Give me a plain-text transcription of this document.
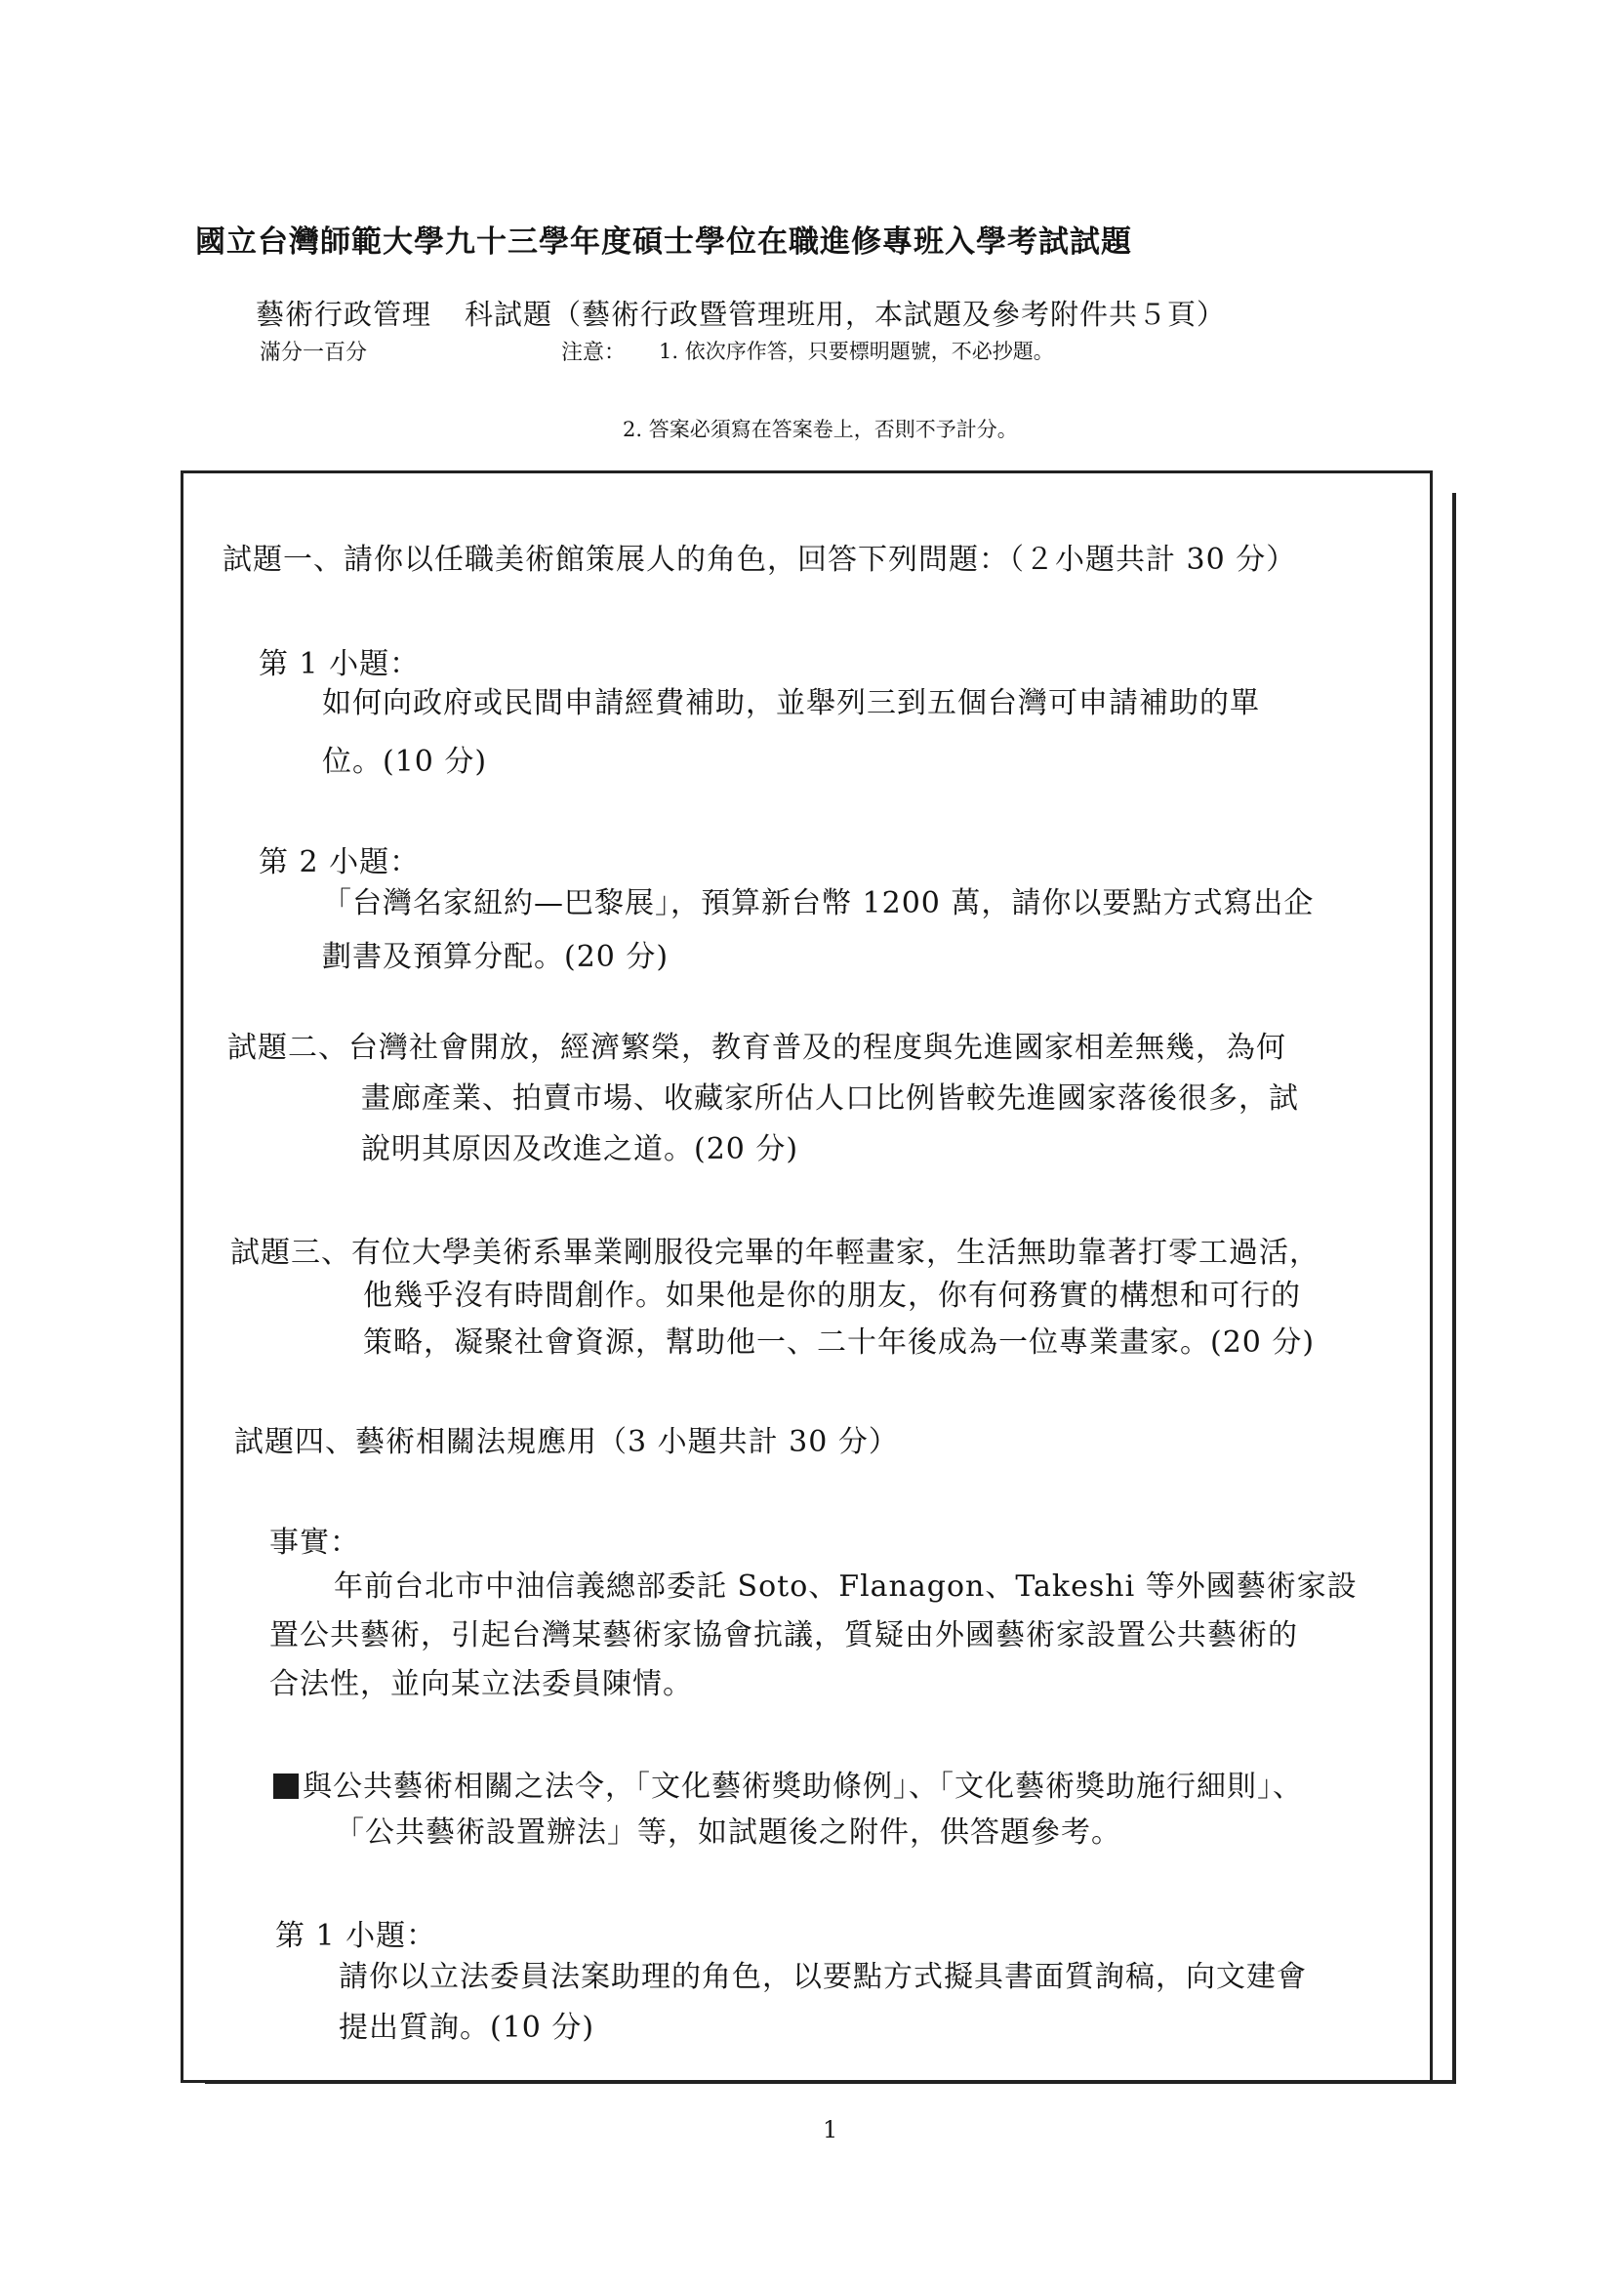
國立台灣師範大學九十三學年度碩士學位在職進修專班入學考試試題
藝術行政管理 科試題（藝術行政暨管理班用，本試題及參考附件共５頁）
滿分一百分	注意： 1. 依次序作答，只要標明題號，不必抄題。
2. 答案必須寫在答案卷上，否則不予計分。
試題一、請你以任職美術館策展人的角色，回答下列問題：（２小題共計 30 分）
第 1 小題：
如何向政府或民間申請經費補助，並舉列三到五個台灣可申請補助的單
位。(10 分)
第 2 小題：
「台灣名家紐約—巴黎展」，預算新台幣 1200 萬，請你以要點方式寫出企
劃書及預算分配。(20 分)
試題二、台灣社會開放，經濟繁榮，教育普及的程度與先進國家相差無幾，為何
畫廊產業、拍賣市場、收藏家所佔人口比例皆較先進國家落後很多，試
說明其原因及改進之道。(20 分)
試題三、有位大學美術系畢業剛服役完畢的年輕畫家，生活無助靠著打零工過活，
他幾乎沒有時間創作。如果他是你的朋友，你有何務實的構想和可行的
策略，凝聚社會資源，幫助他一、二十年後成為一位專業畫家。(20 分)
試題四、藝術相關法規應用（3 小題共計 30 分）
事實：
年前台北市中油信義總部委託 Soto、Flanagon、Takeshi 等外國藝術家設
置公共藝術，引起台灣某藝術家協會抗議，質疑由外國藝術家設置公共藝術的
合法性，並向某立法委員陳情。
與公共藝術相關之法令，「文化藝術獎助條例」、「文化藝術獎助施行細則」、
「公共藝術設置辦法」等，如試題後之附件，供答題參考。
第 1 小題：
請你以立法委員法案助理的角色，以要點方式擬具書面質詢稿，向文建會
提出質詢。(10 分)
1
